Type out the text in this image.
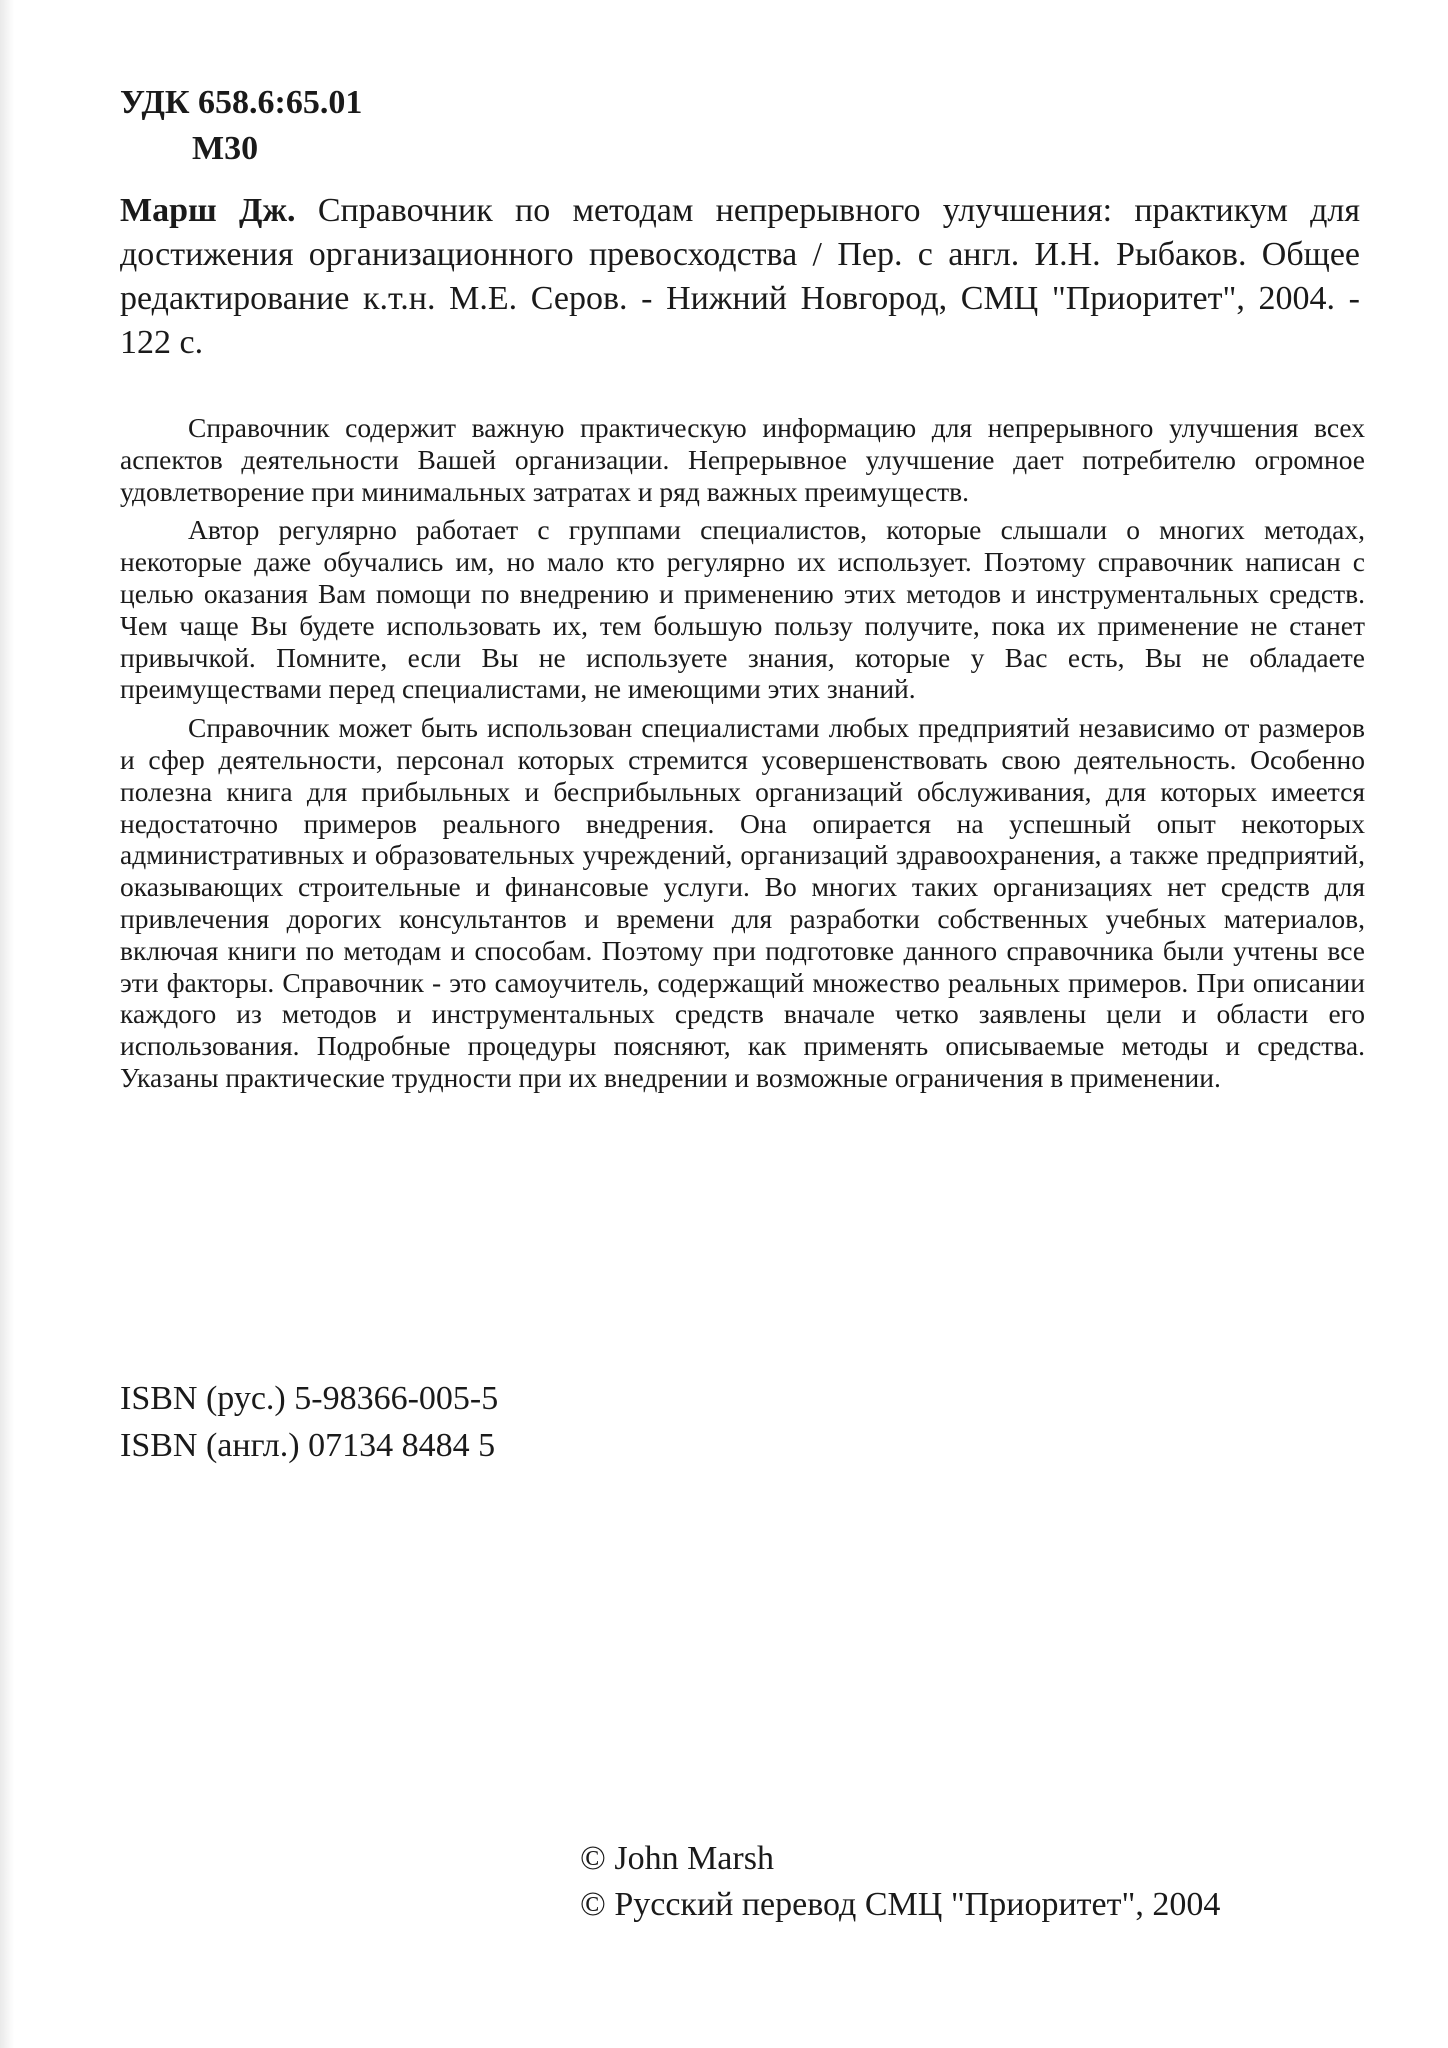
УДК 658.6:65.01
М30
Марш Дж. Справочник по методам непрерывного улучшения: практикум для достижения организационного превосходства / Пер. с англ. И.Н. Рыбаков. Общее редактирование к.т.н. М.Е. Серов. - Нижний Новгород, СМЦ "Приоритет", 2004. - 122 с.

Справочник содержит важную практическую информацию для непрерывного улучшения всех аспектов деятельности Вашей организации. Непрерывное улучшение дает потребителю огромное удовлетворение при минимальных затратах и ряд важных преимуществ.

Автор регулярно работает с группами специалистов, которые слышали о многих методах, некоторые даже обучались им, но мало кто регулярно их использует. Поэтому справочник написан с целью оказания Вам помощи по внедрению и применению этих методов и инструментальных средств. Чем чаще Вы будете использовать их, тем большую пользу получите, пока их применение не станет привычкой. Помните, если Вы не используете знания, которые у Вас есть, Вы не обладаете преимуществами перед специалистами, не имеющими этих знаний.

Справочник может быть использован специалистами любых предприятий независимо от размеров и сфер деятельности, персонал которых стремится усовершенствовать свою деятельность. Особенно полезна книга для прибыльных и бесприбыльных организаций обслуживания, для которых имеется недостаточно примеров реального внедрения. Она опирается на успешный опыт некоторых административных и образовательных учреждений, организаций здравоохранения, а также предприятий, оказывающих строительные и финансовые услуги. Во многих таких организациях нет средств для привлечения дорогих консультантов и времени для разработки собственных учебных материалов, включая книги по методам и способам. Поэтому при подготовке данного справочника были учтены все эти факторы. Справочник - это самоучитель, содержащий множество реальных примеров. При описании каждого из методов и инструментальных средств вначале четко заявлены цели и области его использования. Подробные процедуры поясняют, как применять описываемые методы и средства. Указаны практические трудности при их внедрении и возможные ограничения в применении.

ISBN (рус.) 5-98366-005-5
ISBN (англ.) 07134 8484 5
© John Marsh
© Русский перевод СМЦ "Приоритет", 2004
